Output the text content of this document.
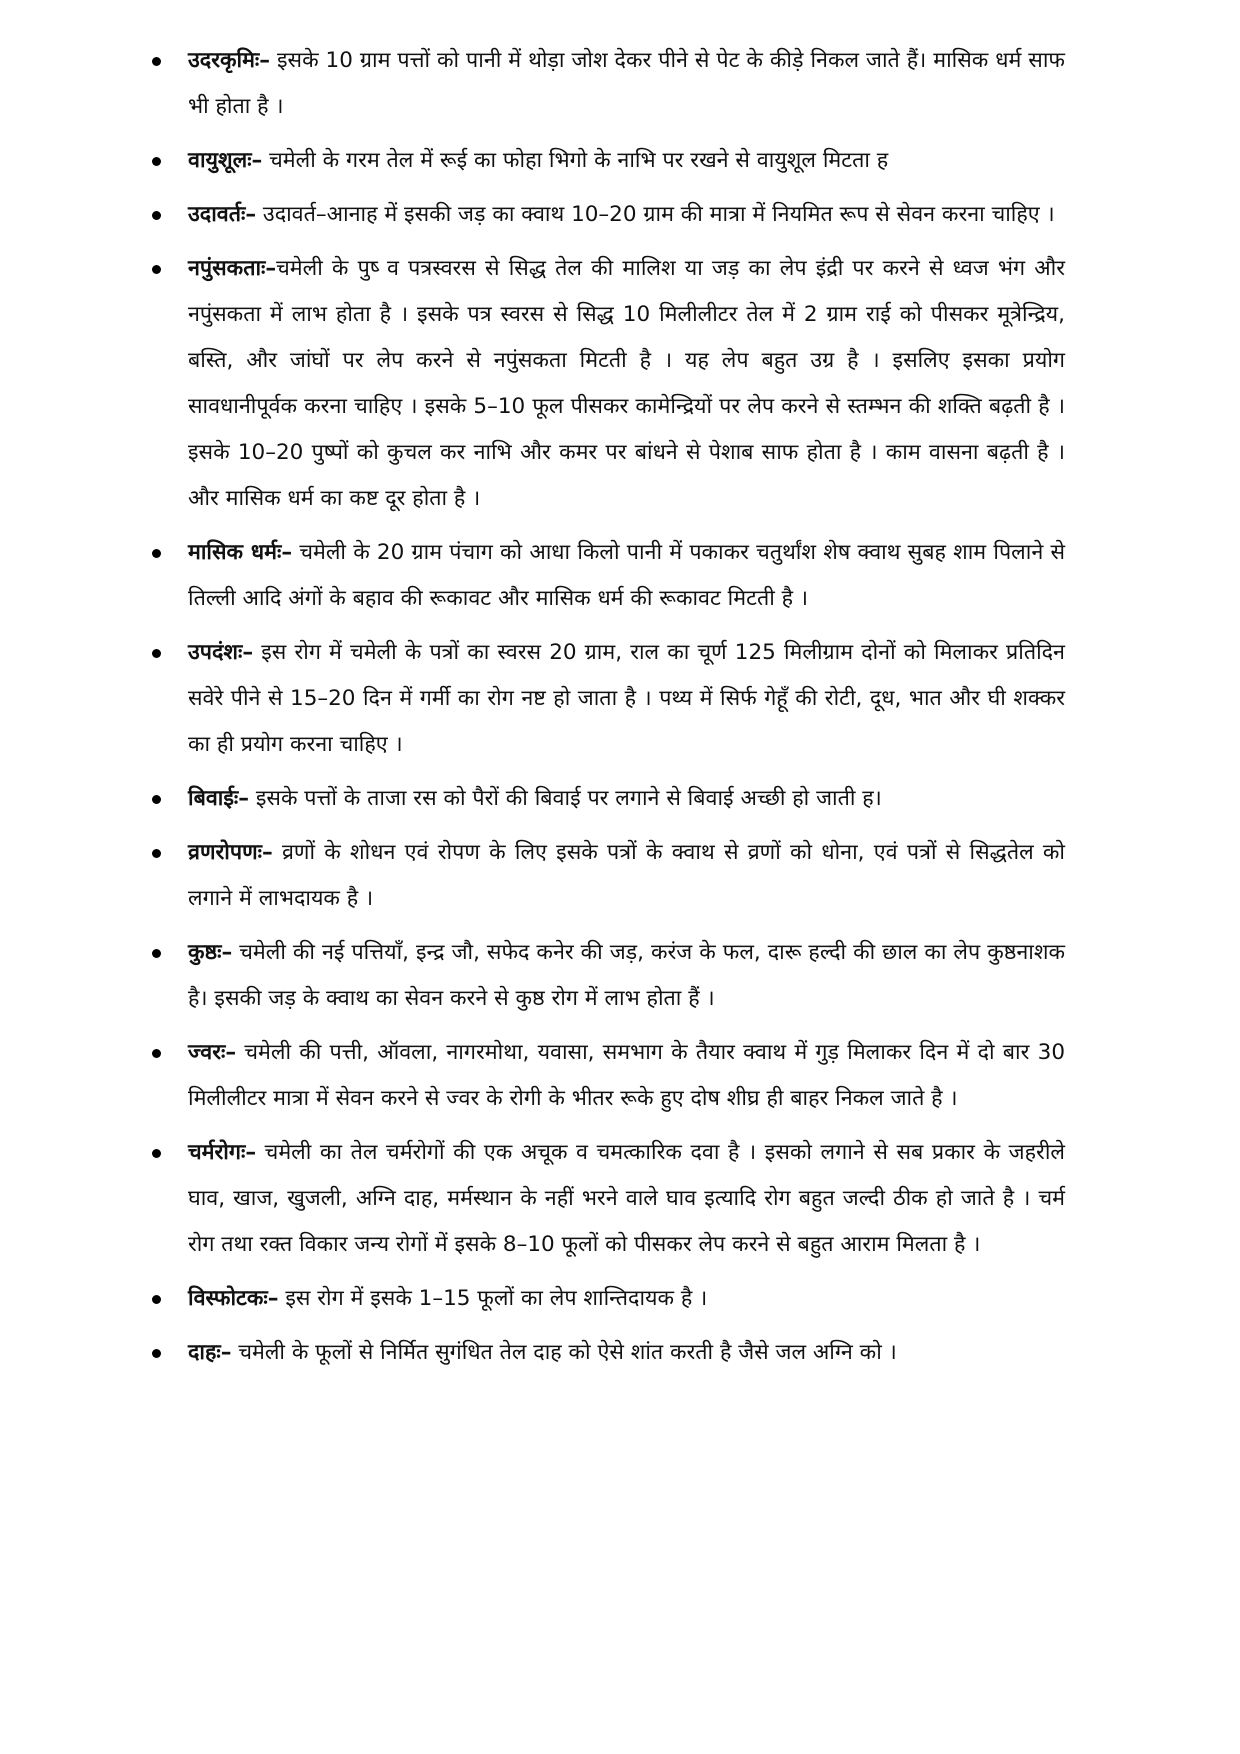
उदरकृमिः– इसके 10 ग्राम पत्तों को पानी में थोड़ा जोश देकर पीने से पेट के कीड़े निकल जाते हैं। मासिक धर्म साफ भी होता है ।
वायुशूलः– चमेली के गरम तेल में रूई का फोहा भिगो के नाभि पर रखने से वायुशूल मिटता ह
उदावर्तः– उदावर्त–आनाह में इसकी जड़ का क्वाथ 10–20 ग्राम की मात्रा में नियमित रूप से सेवन करना चाहिए ।
नपुंसकताः–चमेली के पुष्‍ व पत्रस्वरस से सिद्ध तेल की मालिश या जड़ का लेप इंद्री पर करने से ध्वज भंग और नपुंसकता में लाभ होता है । इसके पत्र स्वरस से सिद्ध 10 मिलीलीटर तेल में 2 ग्राम राई को पीसकर मूत्रेन्द्रिय, बस्ति, और जांघों पर लेप करने से नपुंसकता मिटती है । यह लेप बहुत उग्र है । इसलिए इसका प्रयोग सावधानीपूर्वक करना चाहिए । इसके 5–10 फूल पीसकर कामेन्द्रियों पर लेप करने से स्तम्भन की शक्ति बढ़ती है । इसके 10–20 पुष्पों को कुचल कर नाभि और कमर पर बांधने से पेशाब साफ होता है । काम वासना बढ़ती है । और मासिक धर्म का कष्ट दूर होता है ।
मासिक धर्मः– चमेली के 20 ग्राम पंचाग को आधा किलो पानी में पकाकर चतुर्थांश शेष क्वाथ सुबह शाम पिलाने से तिल्ली आदि अंगों के बहाव की रूकावट और मासिक धर्म की रूकावट मिटती है ।
उपदंशः– इस रोग में चमेली के पत्रों का स्वरस 20 ग्राम, राल का चूर्ण 125 मिलीग्राम दोनों को मिलाकर प्रतिदिन सवेरे पीने से 15–20 दिन में गर्मी का रोग नष्ट हो जाता है । पथ्य में सिर्फ गेहूँ की रोटी, दूध, भात और घी शक्कर का ही प्रयोग करना चाहिए ।
बिवाईः– इसके पत्तों के ताजा रस को पैरों की बिवाई पर लगाने से बिवाई अच्छी हो जाती ह।
व्रणरोपणः– व्रणों के शोधन एवं रोपण के लिए इसके पत्रों के क्वाथ से व्रणों को धोना, एवं पत्रों से सिद्धतेल को लगाने में लाभदायक है ।
कुष्ठः– चमेली की नई पत्तियॉं, इन्द्र जौ, सफेद कनेर की जड़, करंज के फल, दारू हल्दी की छाल का लेप कुष्ठनाशक है। इसकी जड़ के क्वाथ का सेवन करने से कुष्ठ रोग में लाभ होता हैं ।
ज्वरः– चमेली की पत्ती, ऑवला, नागरमोथा, यवासा, समभाग के तैयार क्वाथ में गुड़ मिलाकर दिन में दो बार 30 मिलीलीटर मात्रा में सेवन करने से ज्वर के रोगी के भीतर रूके हुए दोष शीघ्र ही बाहर निकल जाते है ।
चर्मरोगः– चमेली का तेल चर्मरोगों की एक अचूक व चमत्कारिक दवा है । इसको लगाने से सब प्रकार के जहरीले घाव, खाज, खुजली, अग्नि दाह, मर्मस्थान के नहीं भरने वाले घाव इत्यादि रोग बहुत जल्दी ठीक हो जाते है । चर्म रोग तथा रक्त विकार जन्य रोगों में इसके 8–10 फूलों को पीसकर लेप करने से बहुत आराम मिलता है ।
विस्फोटकः– इस रोग में इसके 1–15 फूलों का लेप शान्तिदायक है ।
दाहः– चमेली के फूलों से निर्मित सुगंधित तेल दाह को ऐसे शांत करती है जैसे जल अग्नि को ।
